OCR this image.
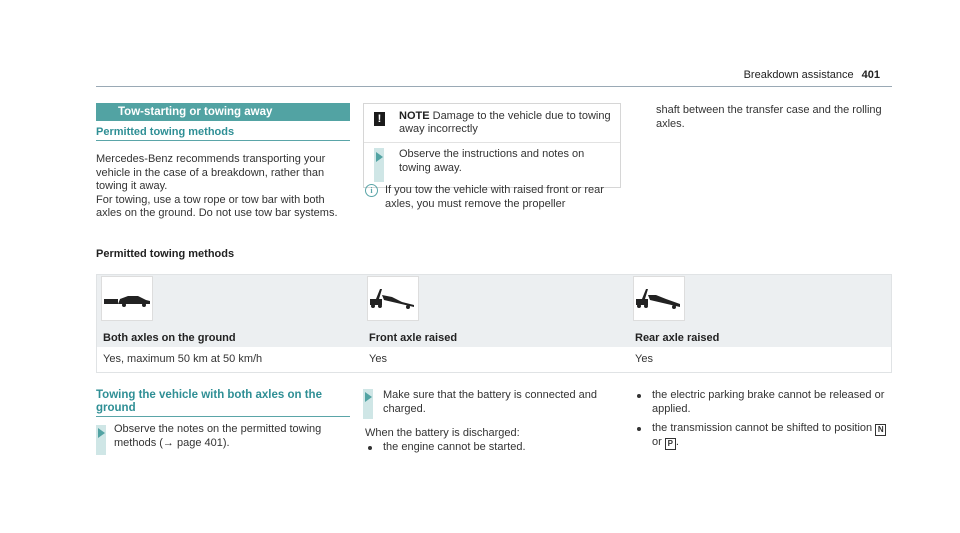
Breakdown assistance 401
Tow-starting or towing away
Permitted towing methods

Mercedes-Benz recommends transporting your vehicle in the case of a breakdown, rather than towing it away.

For towing, use a tow rope or tow bar with both axles on the ground. Do not use tow bar systems.

!	NOTE Damage to the vehicle due to towing away incorrectly
Observe the instructions and notes on towing away.
i	If you tow the vehicle with raised front or rear axles, you must remove the propeller
shaft between the transfer case and the rolling axles.
Permitted towing methods
Both axles on the ground	Front axle raised	Rear axle raised
Yes, maximum 50 km at 50 km/h	Yes	Yes
Towing the vehicle with both axles on the
ground
Observe the notes on the permitted towing methods (→ page 401).
Make sure that the battery is connected and charged.
When the battery is discharged:
the engine cannot be started.
the electric parking brake cannot be released or applied.
the transmission cannot be shifted to position N or P .
